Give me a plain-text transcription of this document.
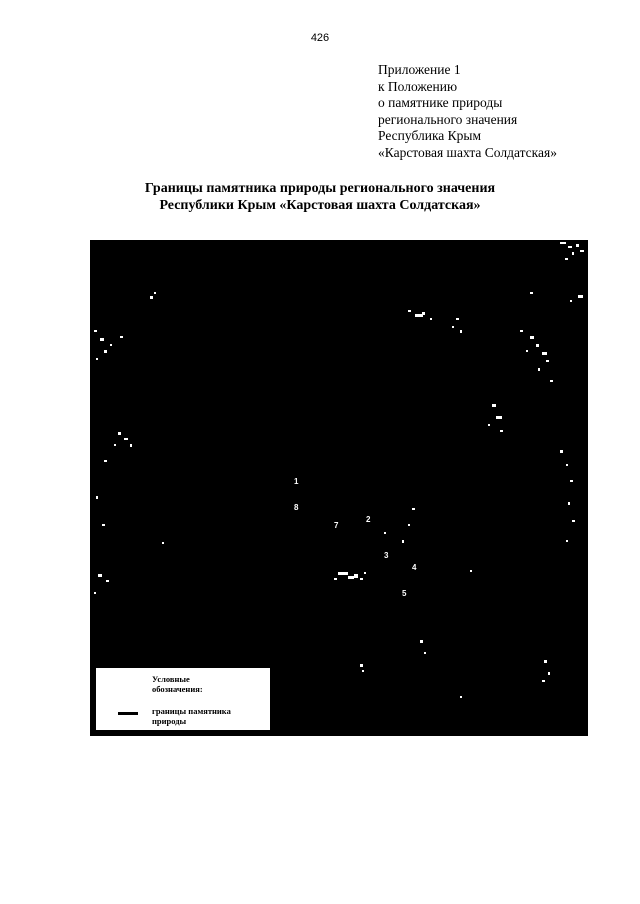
426
Приложение 1
к Положению
о памятнике природы
регионального значения
Республика Крым
«Карстовая шахта Солдатская»
Границы памятника природы регионального значения
Республики Крым «Карстовая шахта Солдатская»
1
8
7
2
3
4
5
Условные
обозначения:
границы памятника
природы
